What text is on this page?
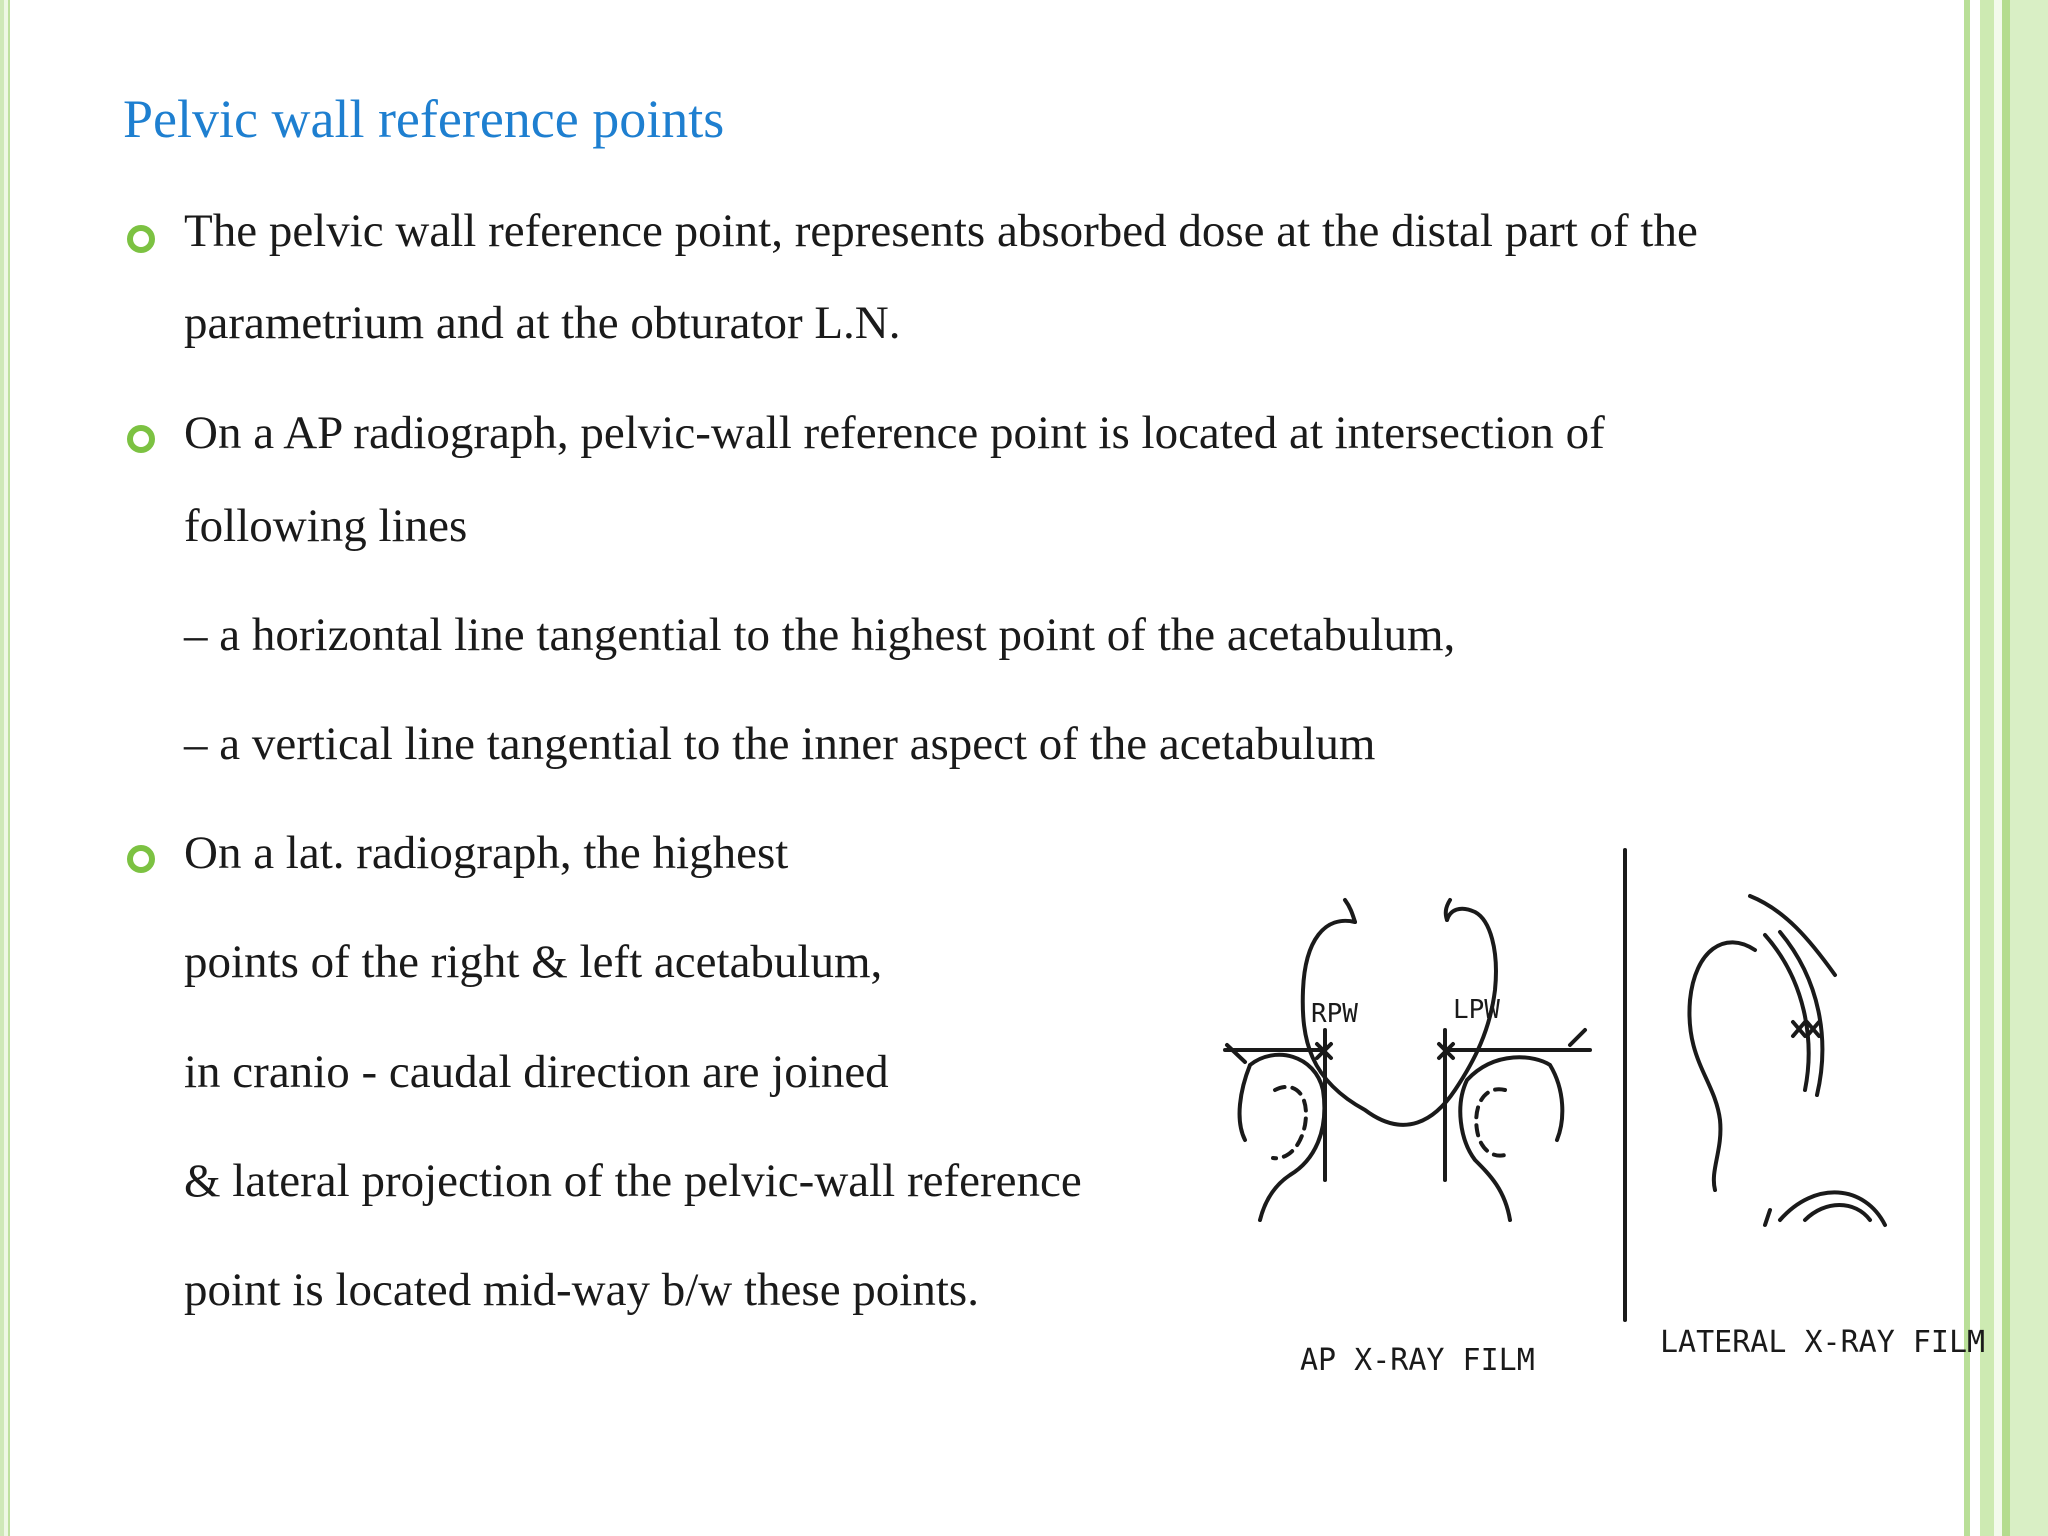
Pelvic wall reference points

The pelvic wall reference point, represents absorbed dose at the distal part of the

parametrium and at the obturator L.N.

On a AP radiograph, pelvic-wall reference point is located at intersection of

following lines

– a horizontal line tangential to the highest point of the acetabulum,

– a vertical line tangential to the inner aspect of the acetabulum

On a lat. radiograph, the highest

points of the right & left acetabulum,

in cranio - caudal direction are joined

& lateral projection of the pelvic-wall reference

point is located mid-way b/w these points.

RPW	LPW
AP X-RAY FILM
LATERAL X-RAY FILM
